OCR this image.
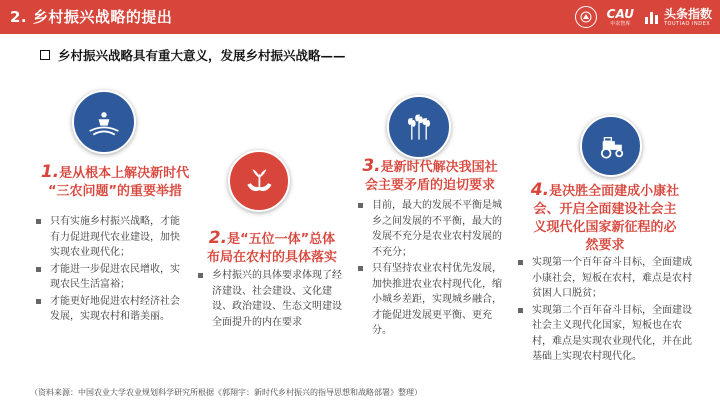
2. 乡村振兴战略的提出	CAU
中农智库
头条指数
TOUTIAO INDEX
乡村振兴战略具有重大意义，发展乡村振兴战略——
1.是从根本上解决新时代
“三农问题”的重要举措
2.是“五位一体”总体
布局在农村的具体落实
3.是新时代解决我国社
会主要矛盾的迫切要求	4.是决胜全面建成小康社
会、开启全面建设社会主
义现代化国家新征程的必
然要求
只有实施乡村振兴战略，才能有力促进现代农业建设，加快实现农业现代化；
才能进一步促进农民增收，实现农民生活富裕；
才能更好地促进农村经济社会发展，实现农村和谐美丽。
乡村振兴的具体要求体现了经济建设、社会建设、文化建设、政治建设、生态文明建设全面提升的内在要求
目前，最大的发展不平衡是城乡之间发展的不平衡，最大的发展不充分是农业农村发展的不充分；
只有坚持农业农村优先发展，加快推进农业农村现代化，缩小城乡差距，实现城乡融合，才能促进发展更平衡、更充分。
实现第一个百年奋斗目标，全面建成小康社会，短板在农村，难点是农村贫困人口脱贫；
实现第二个百年奋斗目标，全面建设社会主义现代化国家，短板也在农村，难点是实现农业现代化，并在此基础上实现农村现代化。
（资料来源：中国农业大学农业规划科学研究所根据《郭翔宇：新时代乡村振兴的指导思想和战略部署》整理）
